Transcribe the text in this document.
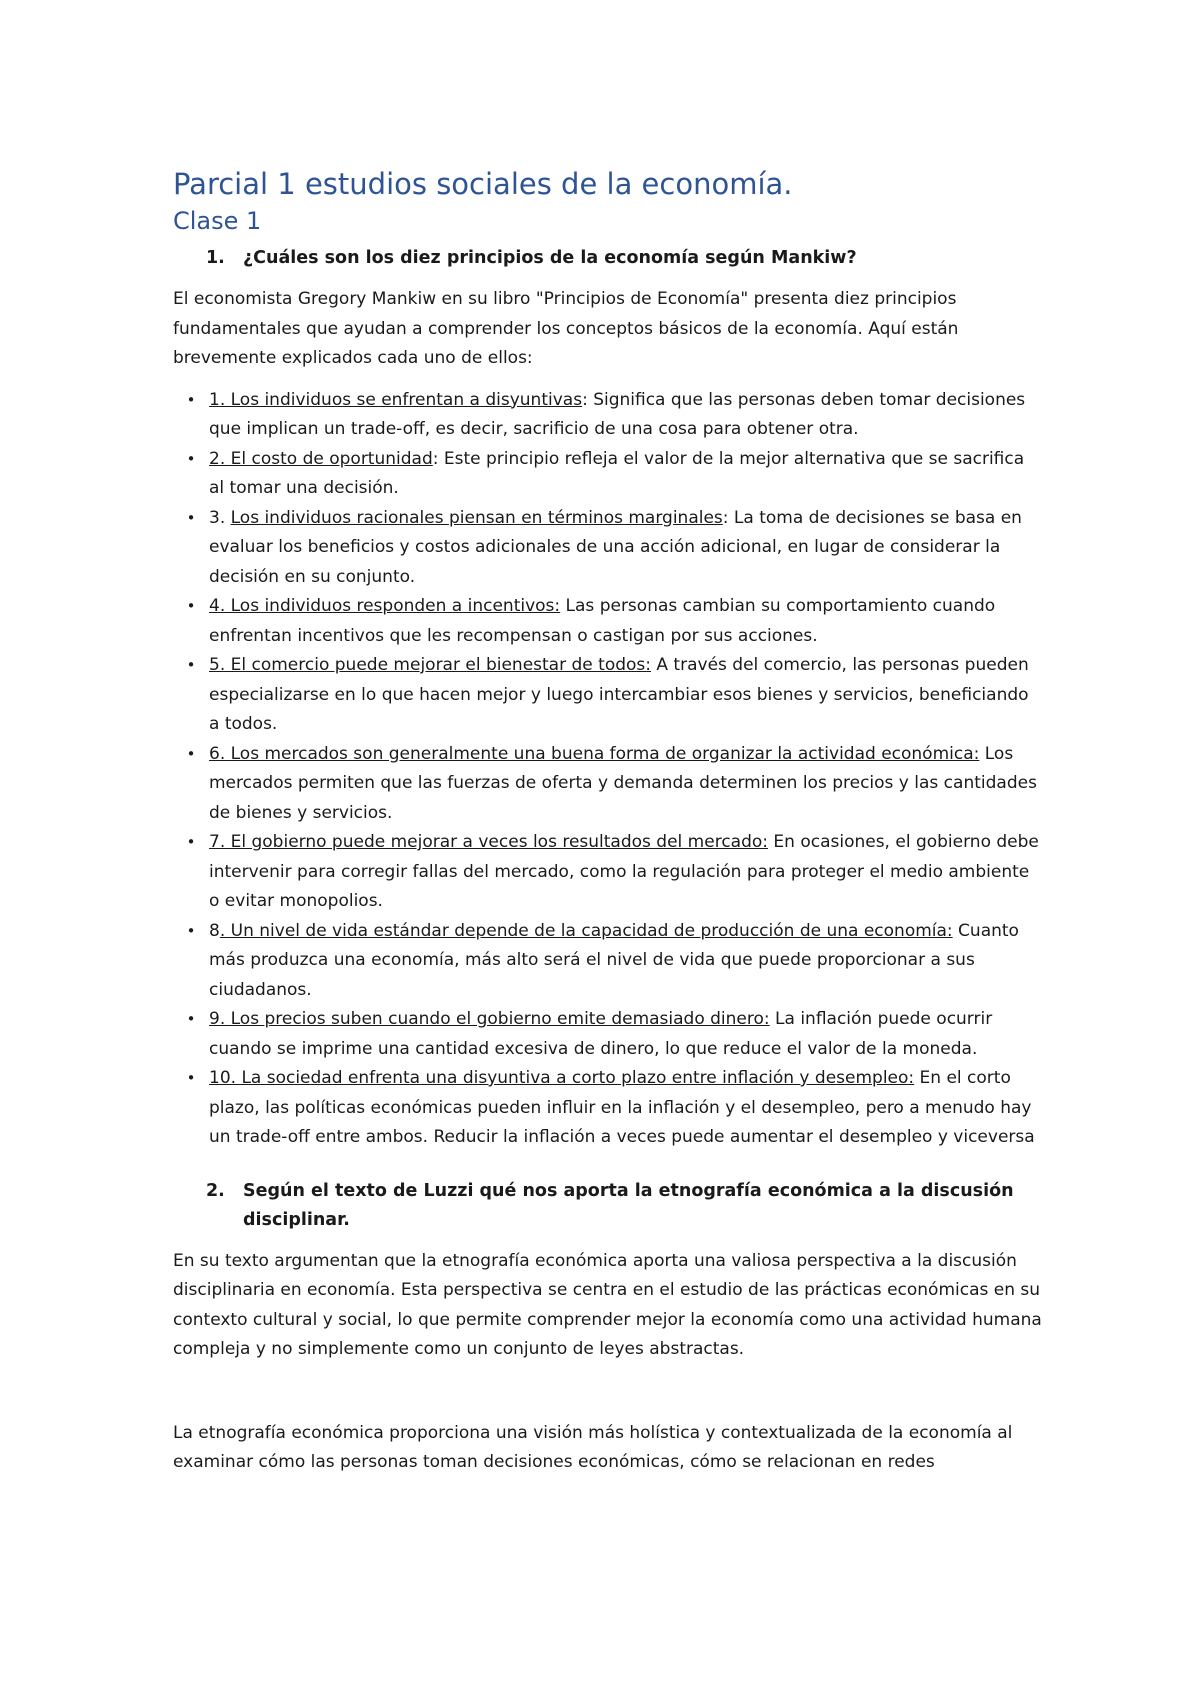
Parcial 1 estudios sociales de la economía.
Clase 1
1.	¿Cuáles son los diez principios de la economía según Mankiw?

El economista Gregory Mankiw en su libro "Principios de Economía" presenta diez principios fundamentales que ayudan a comprender los conceptos básicos de la economía. Aquí están brevemente explicados cada uno de ellos:

• 1. Los individuos se enfrentan a disyuntivas: Significa que las personas deben tomar decisiones que implican un trade-off, es decir, sacrificio de una cosa para obtener otra.
• 2. El costo de oportunidad: Este principio refleja el valor de la mejor alternativa que se sacrifica al tomar una decisión.
• 3. Los individuos racionales piensan en términos marginales: La toma de decisiones se basa en evaluar los beneficios y costos adicionales de una acción adicional, en lugar de considerar la decisión en su conjunto.
• 4. Los individuos responden a incentivos: Las personas cambian su comportamiento cuando enfrentan incentivos que les recompensan o castigan por sus acciones.
• 5. El comercio puede mejorar el bienestar de todos: A través del comercio, las personas pueden especializarse en lo que hacen mejor y luego intercambiar esos bienes y servicios, beneficiando a todos.
• 6. Los mercados son generalmente una buena forma de organizar la actividad económica: Los mercados permiten que las fuerzas de oferta y demanda determinen los precios y las cantidades de bienes y servicios.
• 7. El gobierno puede mejorar a veces los resultados del mercado: En ocasiones, el gobierno debe intervenir para corregir fallas del mercado, como la regulación para proteger el medio ambiente o evitar monopolios.
• 8. Un nivel de vida estándar depende de la capacidad de producción de una economía: Cuanto más produzca una economía, más alto será el nivel de vida que puede proporcionar a sus ciudadanos.
• 9. Los precios suben cuando el gobierno emite demasiado dinero: La inflación puede ocurrir cuando se imprime una cantidad excesiva de dinero, lo que reduce el valor de la moneda.
• 10. La sociedad enfrenta una disyuntiva a corto plazo entre inflación y desempleo: En el corto plazo, las políticas económicas pueden influir en la inflación y el desempleo, pero a menudo hay un trade-off entre ambos. Reducir la inflación a veces puede aumentar el desempleo y viceversa
2.	Según el texto de Luzzi qué nos aporta la etnografía económica a la discusión disciplinar.

En su texto argumentan que la etnografía económica aporta una valiosa perspectiva a la discusión disciplinaria en economía. Esta perspectiva se centra en el estudio de las prácticas económicas en su contexto cultural y social, lo que permite comprender mejor la economía como una actividad humana compleja y no simplemente como un conjunto de leyes abstractas.

La etnografía económica proporciona una visión más holística y contextualizada de la economía al examinar cómo las personas toman decisiones económicas, cómo se relacionan en redes
